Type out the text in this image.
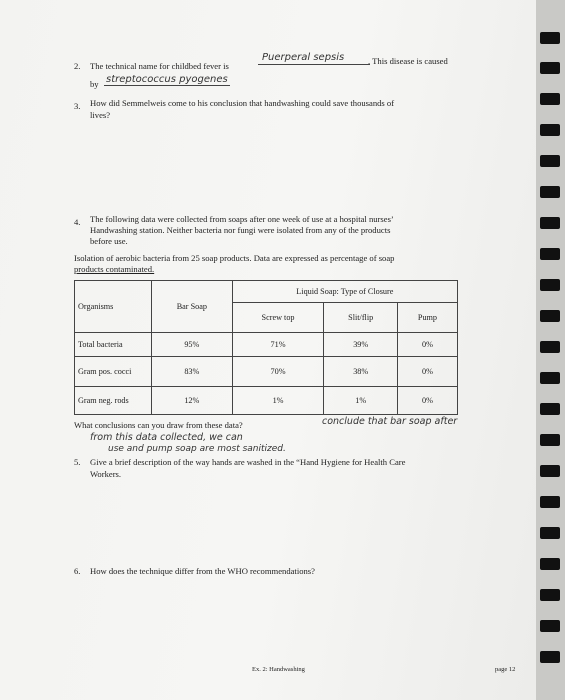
2. The technical name for childbed fever is
Puerperal sepsis	. This disease is caused
by streptococcus pyogenes
3. How did Semmelweis come to his conclusion that handwashing could save thousands of
lives?
4. The following data were collected from soaps after one week of use at a hospital nurses’
Handwashing station. Neither bacteria nor fungi were isolated from any of the products
before use.
Isolation of aerobic bacteria from 25 soap products. Data are expressed as percentage of soap
products contaminated.
Organisms	Bar Soap	Liquid Soap: Type of Closure		
		Screw top	Slit/flip	Pump
Total bacteria	95%	71%	39%	0%
Gram pos. cocci	83%	70%	38%	0%
Gram neg. rods	12%	1%	1%	0%
What conclusions can you draw from these data?	conclude that bar soap after
from this data collected, we can
use and pump soap are most sanitized.
5. Give a brief description of the way hands are washed in the “Hand Hygiene for Health Care
Workers.
6. How does the technique differ from the WHO recommendations?
Ex. 2: Handwashing	page 12
